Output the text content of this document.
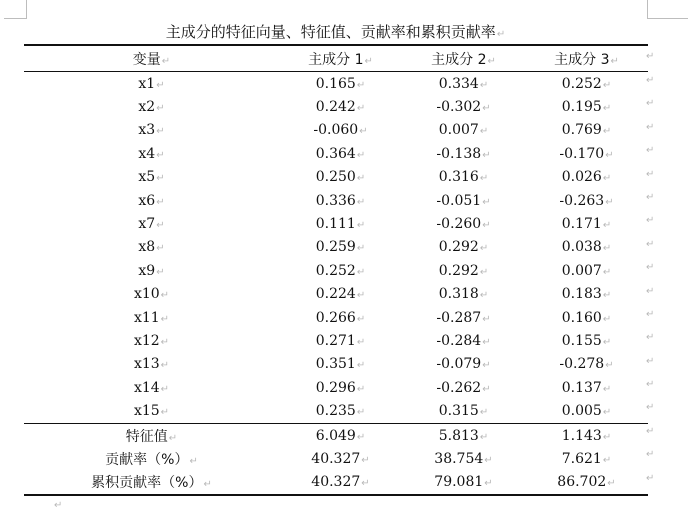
主成分的特征向量、特征值、贡献率和累积贡献率↵
变量↵	主成分 1↵	主成分 2↵	主成分 3↵
x1↵	0.165↵	0.334↵	0.252↵
x2↵	0.242↵	-0.302↵	0.195↵
x3↵	-0.060↵	0.007↵	0.769↵
x4↵	0.364↵	-0.138↵	-0.170↵
x5↵	0.250↵	0.316↵	0.026↵
x6↵	0.336↵	-0.051↵	-0.263↵
x7↵	0.111↵	-0.260↵	0.171↵
x8↵	0.259↵	0.292↵	0.038↵
x9↵	0.252↵	0.292↵	0.007↵
x10↵	0.224↵	0.318↵	0.183↵
x11↵	0.266↵	-0.287↵	0.160↵
x12↵	0.271↵	-0.284↵	0.155↵
x13↵	0.351↵	-0.079↵	-0.278↵
x14↵	0.296↵	-0.262↵	0.137↵
x15↵	0.235↵	0.315↵	0.005↵
特征值↵	6.049↵	5.813↵	1.143↵
贡献率（%）↵	40.327↵	38.754↵	7.621↵
累积贡献率（%）↵	40.327↵	79.081↵	86.702↵
↵
↵
↵
↵
↵
↵
↵
↵
↵
↵
↵
↵
↵
↵
↵
↵
↵
↵
↵
↵
